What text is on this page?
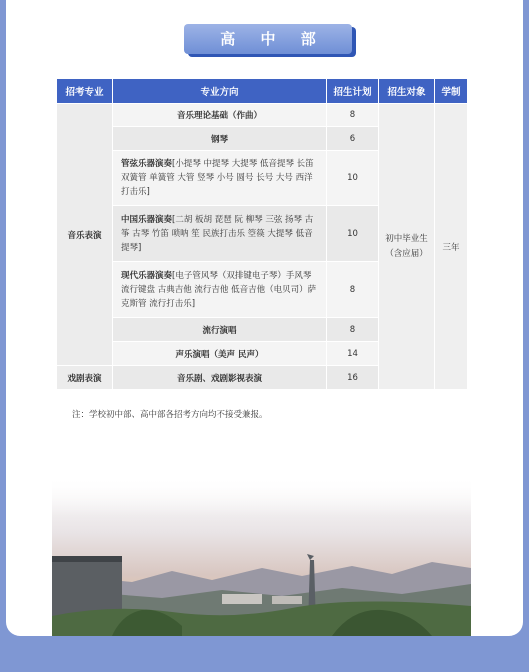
高 中 部
招考专业	专业方向	招生计划	招生对象	学制
音乐表演	音乐理论基础（作曲）	8	初中毕业生（含应届）	三年
	钢琴	6		
	管弦乐器演奏[小提琴 中提琴 大提琴 低音提琴 长笛 双簧管 单簧管 大管 竖琴 小号 圆号 长号 大号 西洋打击乐]	10		
	中国乐器演奏[二胡 板胡 琵琶 阮 柳琴 三弦 扬琴 古筝 古琴 竹笛 唢呐 笙 民族打击乐 箜篌 大提琴 低音提琴]	10		
	现代乐器演奏[电子管风琴（双排键电子琴）手风琴 流行键盘 古典吉他 流行吉他 低音吉他（电贝司）萨克斯管 流行打击乐]	8		
	流行演唱	8		
	声乐演唱（美声 民声）	14		
戏剧表演	音乐剧、戏剧影视表演	16		
注：学校初中部、高中部各招考方向均不接受兼报。
